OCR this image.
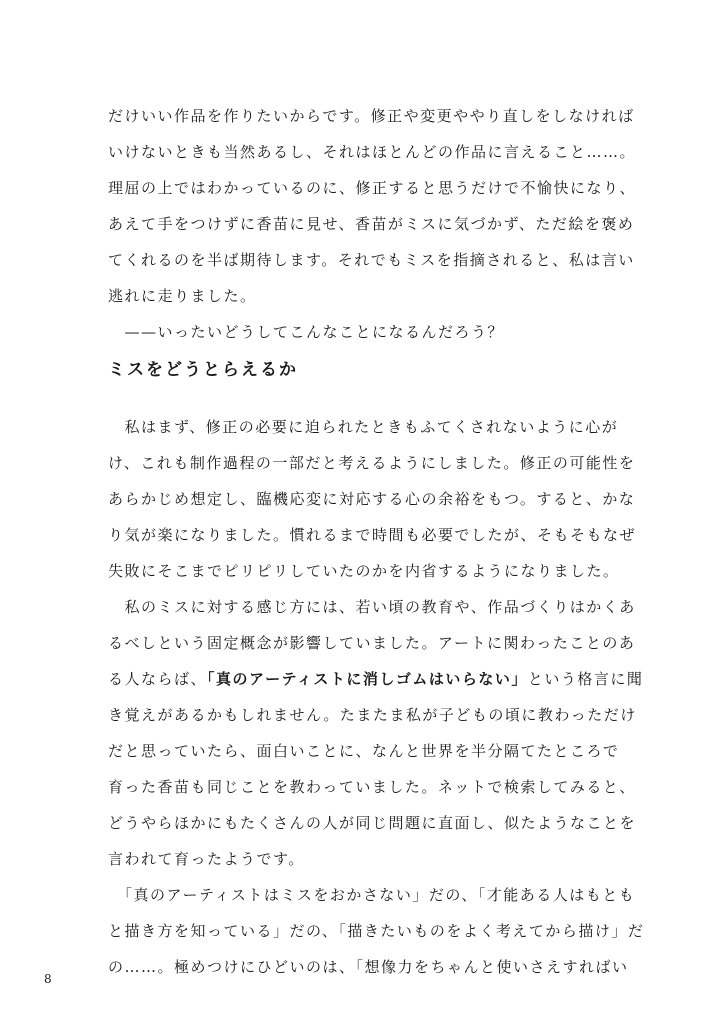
だけいい作品を作りたいからです。修正や変更ややり直しをしなければ
いけないときも当然あるし、それはほとんどの作品に言えること……。
理屈の上ではわかっているのに、修正すると思うだけで不愉快になり、
あえて手をつけずに香苗に見せ、香苗がミスに気づかず、ただ絵を褒め
てくれるのを半ば期待します。それでもミスを指摘されると、私は言い
逃れに走りました。
　——いったいどうしてこんなことになるんだろう？
ミスをどうとらえるか
　私はまず、修正の必要に迫られたときもふてくされないように心が
け、これも制作過程の一部だと考えるようにしました。修正の可能性を
あらかじめ想定し、臨機応変に対応する心の余裕をもつ。すると、かな
り気が楽になりました。慣れるまで時間も必要でしたが、そもそもなぜ
失敗にそこまでピリピリしていたのかを内省するようになりました。
　私のミスに対する感じ方には、若い頃の教育や、作品づくりはかくあ
るべしという固定概念が影響していました。アートに関わったことのあ
る人ならば、「真のアーティストに消しゴムはいらない」という格言に聞
き覚えがあるかもしれません。たまたま私が子どもの頃に教わっただけ
だと思っていたら、面白いことに、なんと世界を半分隔てたところで
育った香苗も同じことを教わっていました。ネットで検索してみると、
どうやらほかにもたくさんの人が同じ問題に直面し、似たようなことを
言われて育ったようです。
　「真のアーティストはミスをおかさない」だの、「才能ある人はもとも
と描き方を知っている」だの、「描きたいものをよく考えてから描け」だ
の……。極めつけにひどいのは、「想像力をちゃんと使いさえすればい
8
